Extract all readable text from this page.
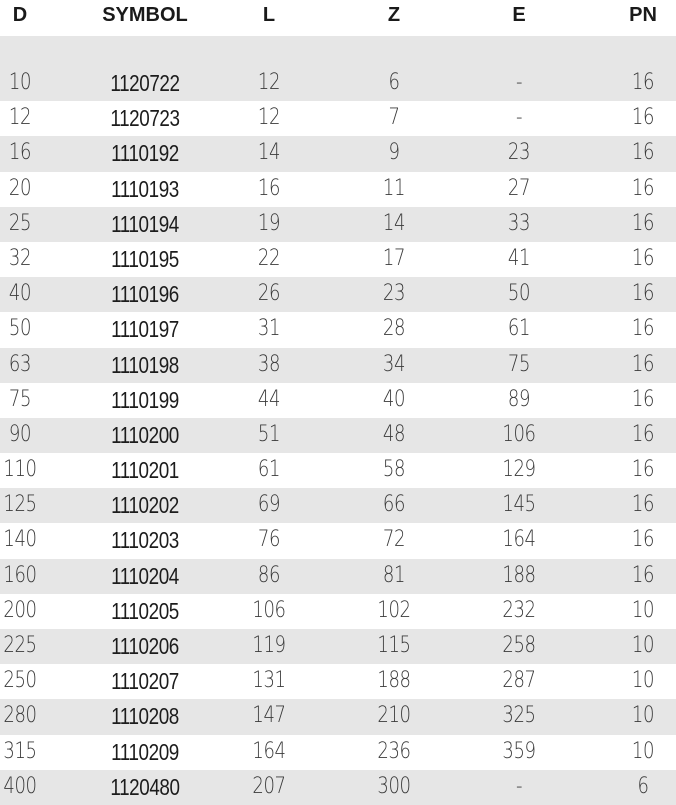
D	SYMBOL	L	Z	E	PN
10	1120722	12	6	-	16
12	1120723	12	7	-	16
16	1110192	14	9	23	16
20	1110193	16	11	27	16
25	1110194	19	14	33	16
32	1110195	22	17	41	16
40	1110196	26	23	50	16
50	1110197	31	28	61	16
63	1110198	38	34	75	16
75	1110199	44	40	89	16
90	1110200	51	48	106	16
110	1110201	61	58	129	16
125	1110202	69	66	145	16
140	1110203	76	72	164	16
160	1110204	86	81	188	16
200	1110205	106	102	232	10
225	1110206	119	115	258	10
250	1110207	131	188	287	10
280	1110208	147	210	325	10
315	1110209	164	236	359	10
400	1120480	207	300	-	6
